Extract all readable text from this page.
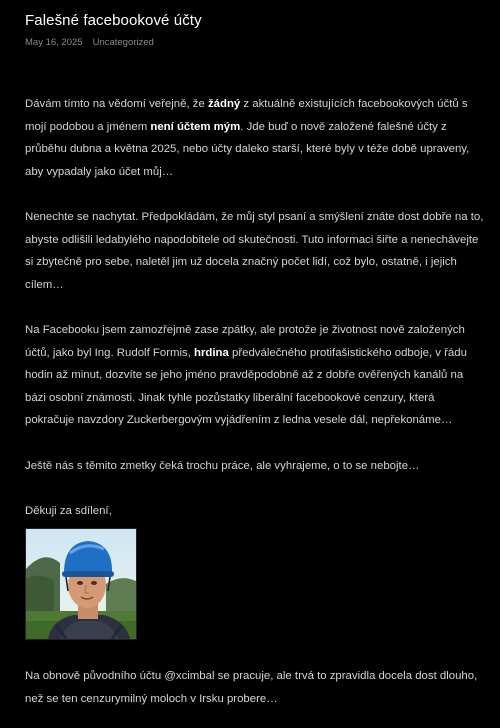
Falešné facebookové účty
May 16, 2025 Uncategorized

Dávám tímto na vědomí veřejně, že žádný z aktuálně existujících facebookových účtů s mojí podobou a jménem není účtem mým. Jde buď o nově založené falešné účty z průběhu dubna a května 2025, nebo účty daleko starší, které byly v téže době upraveny, aby vypadaly jako účet můj…

Nenechte se nachytat. Předpokládám, že můj styl psaní a smýšlení znáte dost dobře na to, abyste odlišili ledabylého napodobitele od skutečnosti. Tuto informaci šiřte a nenechávejte si zbytečně pro sebe, naletěl jim už docela značný počet lidí, což bylo, ostatně, i jejich cílem…

Na Facebooku jsem zamozřejmě zase zpátky, ale protože je životnost nově založených účtů, jako byl Ing. Rudolf Formis, hrdina předválečného protifašistického odboje, v řádu hodin až minut, dozvíte se jeho jméno pravděpodobně až z dobře ověřených kanálů na bázi osobní známosti. Jinak tyhle pozůstatky liberální facebookové cenzury, která pokračuje navzdory Zuckerbergovým vyjádřením z ledna vesele dál, nepřekonáme…

Ještě nás s těmito zmetky čeká trochu práce, ale vyhrajeme, o to se nebojte…

Děkuji za sdílení,

Na obnově původního účtu @xcimbal se pracuje, ale trvá to zpravidla docela dost dlouho, než se ten cenzurymilný moloch v Irsku probere…
